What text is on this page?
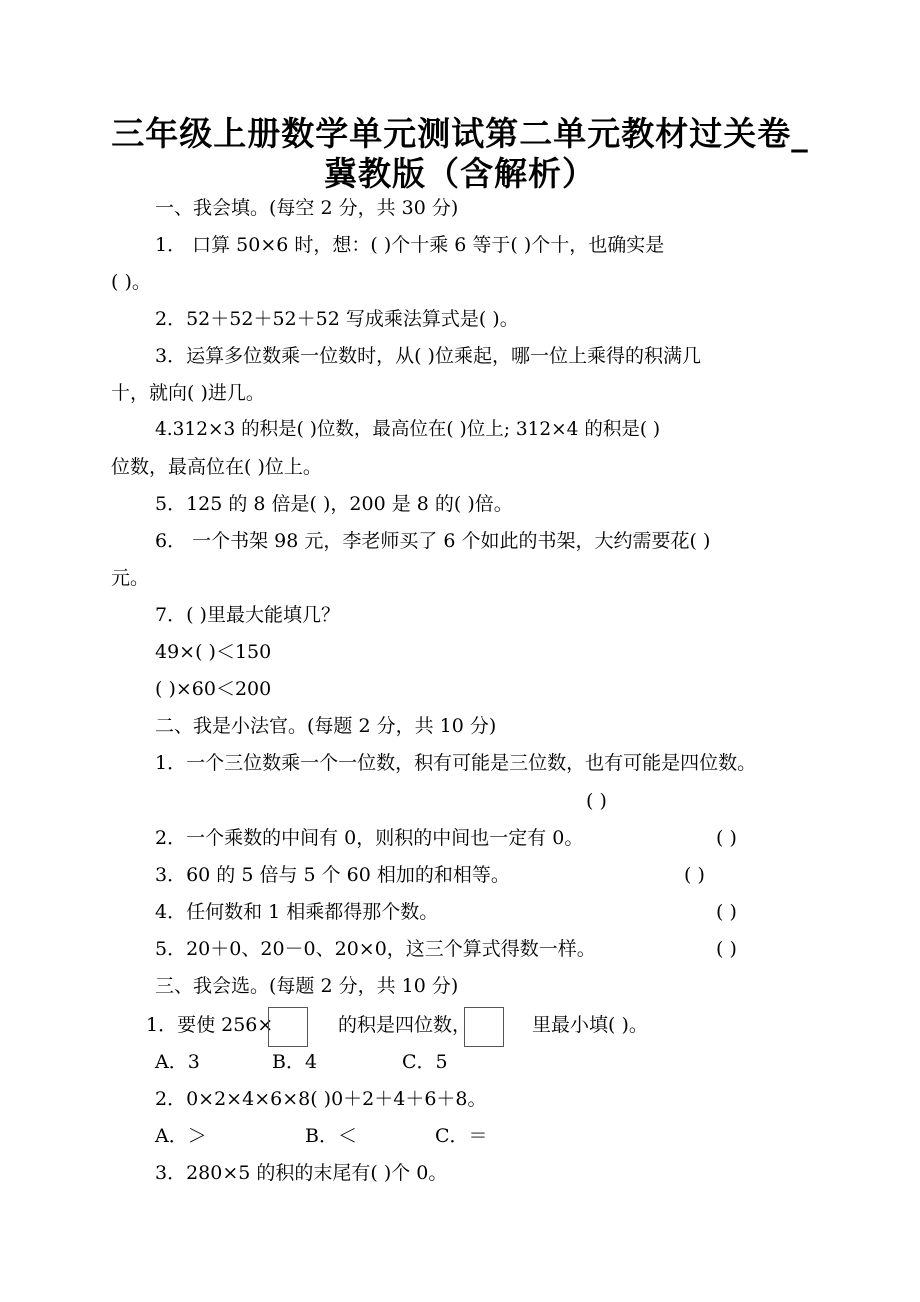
三年级上册数学单元测试第二单元教材过关卷_
冀教版（含解析）
一、我会填。(每空 2 分，共 30 分)
1． 口算 50×6 时，想：( )个十乘 6 等于( )个十，也确实是
( )。
2．52＋52＋52＋52 写成乘法算式是( )。
3．运算多位数乘一位数时，从( )位乘起，哪一位上乘得的积满几
十，就向( )进几。
4.312×3 的积是( )位数，最高位在( )位上; 312×4 的积是( )
位数，最高位在( )位上。
5．125 的 8 倍是( )，200 是 8 的( )倍。
6． 一个书架 98 元，李老师买了 6 个如此的书架，大约需要花( )
元。
7．( )里最大能填几？
49×( )＜150
( )×60＜200
二、我是小法官。(每题 2 分，共 10 分)
1．一个三位数乘一个一位数，积有可能是三位数，也有可能是四位数。
( )
2．一个乘数的中间有 0，则积的中间也一定有 0。	( )
3．60 的 5 倍与 5 个 60 相加的和相等。	( )
4．任何数和 1 相乘都得那个数。	( )
5．20＋0、20－0、20×0，这三个算式得数一样。	( )
三、我会选。(每题 2 分，共 10 分)
1．要使 256×	的积是四位数，	里最小填( )。
A．3	B．4	C．5
2．0×2×4×6×8( )0＋2＋4＋6＋8。
A．＞	B．＜	C．＝
3．280×5 的积的末尾有( )个 0。
